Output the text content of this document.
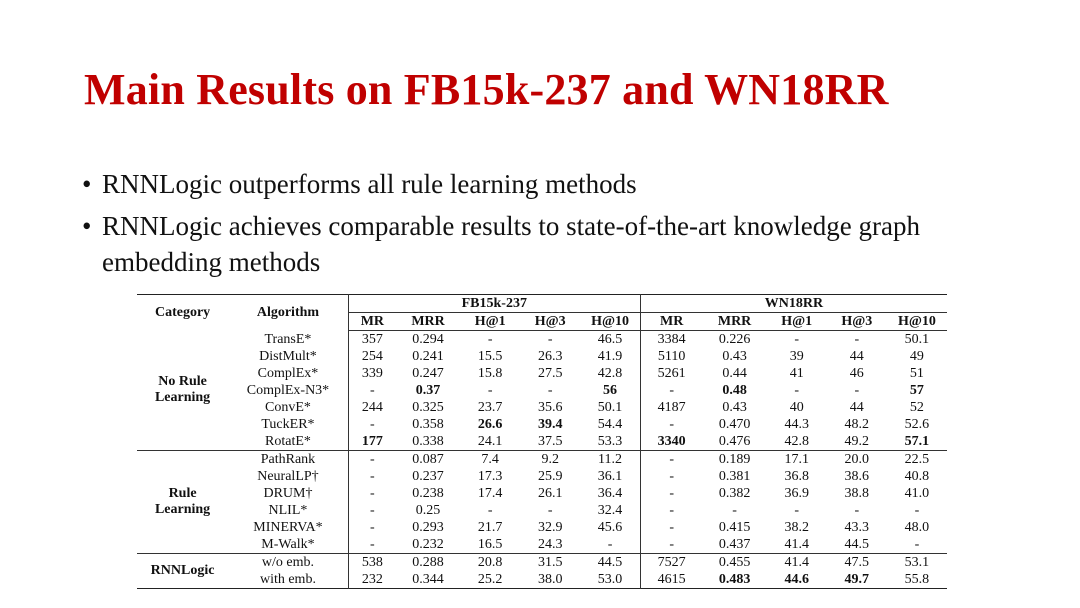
Main Results on FB15k-237 and WN18RR
• RNNLogic outperforms all rule learning methods
• RNNLogic achieves comparable results to state-of-the-art knowledge graph embedding methods
Category	Algorithm	FB15k-237					WN18RR				
		MR	MRR	H@1	H@3	H@10	MR	MRR	H@1	H@3	H@10
No Rule
Learning	TransE*	357	0.294	-	-	46.5	3384	0.226	-	-	50.1
	DistMult*	254	0.241	15.5	26.3	41.9	5110	0.43	39	44	49
	ComplEx*	339	0.247	15.8	27.5	42.8	5261	0.44	41	46	51
	ComplEx-N3*	-	0.37	-	-	56	-	0.48	-	-	57
	ConvE*	244	0.325	23.7	35.6	50.1	4187	0.43	40	44	52
	TuckER*	-	0.358	26.6	39.4	54.4	-	0.470	44.3	48.2	52.6
	RotatE*	177	0.338	24.1	37.5	53.3	3340	0.476	42.8	49.2	57.1
Rule
Learning	PathRank	-	0.087	7.4	9.2	11.2	-	0.189	17.1	20.0	22.5
	NeuralLP†	-	0.237	17.3	25.9	36.1	-	0.381	36.8	38.6	40.8
	DRUM†	-	0.238	17.4	26.1	36.4	-	0.382	36.9	38.8	41.0
	NLIL*	-	0.25	-	-	32.4	-	-	-	-	-
	MINERVA*	-	0.293	21.7	32.9	45.6	-	0.415	38.2	43.3	48.0
	M-Walk*	-	0.232	16.5	24.3	-	-	0.437	41.4	44.5	-
RNNLogic	w/o emb.	538	0.288	20.8	31.5	44.5	7527	0.455	41.4	47.5	53.1
	with emb.	232	0.344	25.2	38.0	53.0	4615	0.483	44.6	49.7	55.8
